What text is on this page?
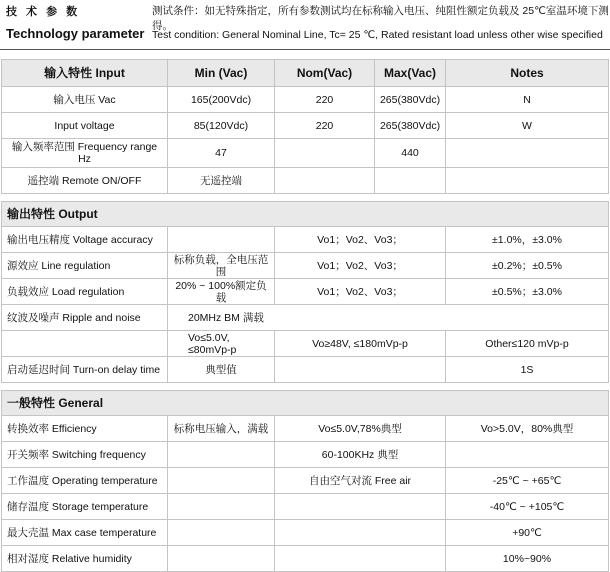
技 术 参 数	测试条件：如无特殊指定，所有参数测试均在标称输入电压、纯阻性额定负载及 25℃室温环境下测得。
Technology parameter Test condition: General Nominal Line, Tc= 25 ℃, Rated resistant load unless other wise specified
输入特性 Input	Min (Vac)	Nom(Vac)	Max(Vac)	Notes
输入电压 Vac	165(200Vdc)	220	265(380Vdc)	N
Input voltage	85(120Vdc)	220	265(380Vdc)	W
输入频率范围 Frequency range Hz	47		440	
遥控端 Remote ON/OFF	无遥控端			

输出特性 Output				
输出电压精度 Voltage accuracy		Vo1；Vo2、Vo3；		±1.0%，±3.0%
源效应 Line regulation	标称负载，全电压范围	Vo1；Vo2、Vo3；		±0.2%；±0.5%
负载效应 Load regulation	20% ~ 100%额定负载	Vo1；Vo2、Vo3；		±0.5%；±3.0%
纹波及噪声 Ripple and noise	20MHz BM 满载			
	Vo≤5.0V, ≤80mVp-p	Vo≥48V, ≤180mVp-p		Other≤120 mVp-p
启动延迟时间 Turn-on delay time	典型值			1S

一般特性 General				
转换效率 Efficiency	标称电压输入，满载	Vo≤5.0V,78%典型		Vo>5.0V，80%典型
开关频率 Switching frequency		60-100KHz 典型		
工作温度 Operating temperature		自由空气对流 Free air		-25℃ ~ +65℃
储存温度 Storage temperature				-40℃ ~ +105℃
最大壳温 Max case temperature				+90℃
相对湿度 Relative humidity				10%~90%
